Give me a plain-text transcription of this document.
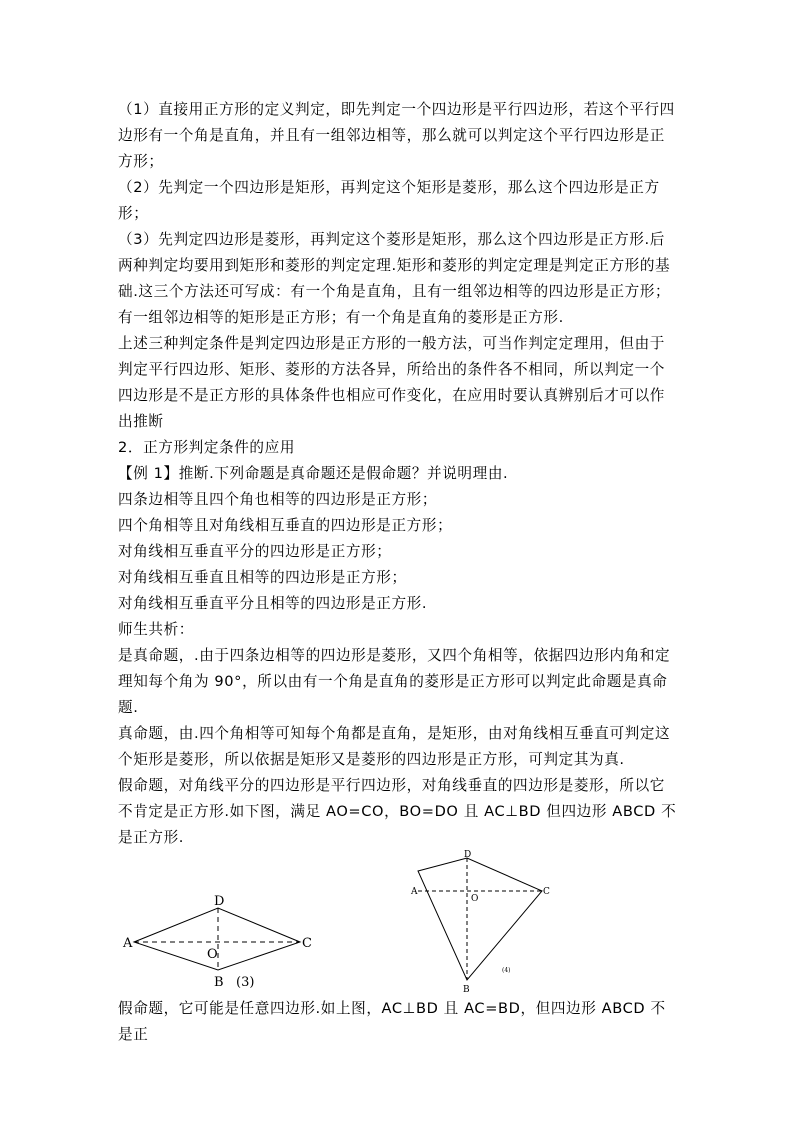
（1）直接用正方形的定义判定，即先判定一个四边形是平行四边形，若这个平行四边形有一个角是直角，并且有一组邻边相等，那么就可以判定这个平行四边形是正方形；

（2）先判定一个四边形是矩形，再判定这个矩形是菱形，那么这个四边形是正方形；

（3）先判定四边形是菱形，再判定这个菱形是矩形，那么这个四边形是正方形.后两种判定均要用到矩形和菱形的判定定理.矩形和菱形的判定定理是判定正方形的基础.这三个方法还可写成：有一个角是直角，且有一组邻边相等的四边形是正方形；有一组邻边相等的矩形是正方形；有一个角是直角的菱形是正方形.

上述三种判定条件是判定四边形是正方形的一般方法，可当作判定定理用，但由于判定平行四边形、矩形、菱形的方法各异，所给出的条件各不相同，所以判定一个四边形是不是正方形的具体条件也相应可作变化，在应用时要认真辨别后才可以作出推断

2．正方形判定条件的应用

【例 1】推断.下列命题是真命题还是假命题？并说明理由.

四条边相等且四个角也相等的四边形是正方形；

四个角相等且对角线相互垂直的四边形是正方形；

对角线相互垂直平分的四边形是正方形；

对角线相互垂直且相等的四边形是正方形；

对角线相互垂直平分且相等的四边形是正方形.

师生共析：

是真命题，.由于四条边相等的四边形是菱形，又四个角相等，依据四边形内角和定理知每个角为 90°，所以由有一个角是直角的菱形是正方形可以判定此命题是真命题.

真命题，由.四个角相等可知每个角都是直角，是矩形，由对角线相互垂直可判定这个矩形是菱形，所以依据是矩形又是菱形的四边形是正方形，可判定其为真.

假命题，对角线平分的四边形是平行四边形，对角线垂直的四边形是菱形，所以它不肯定是正方形.如下图，满足 AO=CO，BO=DO 且 AC⊥BD 但四边形 ABCD 不是正方形.

A
D
C
B
O
(3)
D
A	C
O
B
(4)
假命题，它可能是任意四边形.如上图，AC⊥BD 且 AC=BD，但四边形 ABCD 不是正
